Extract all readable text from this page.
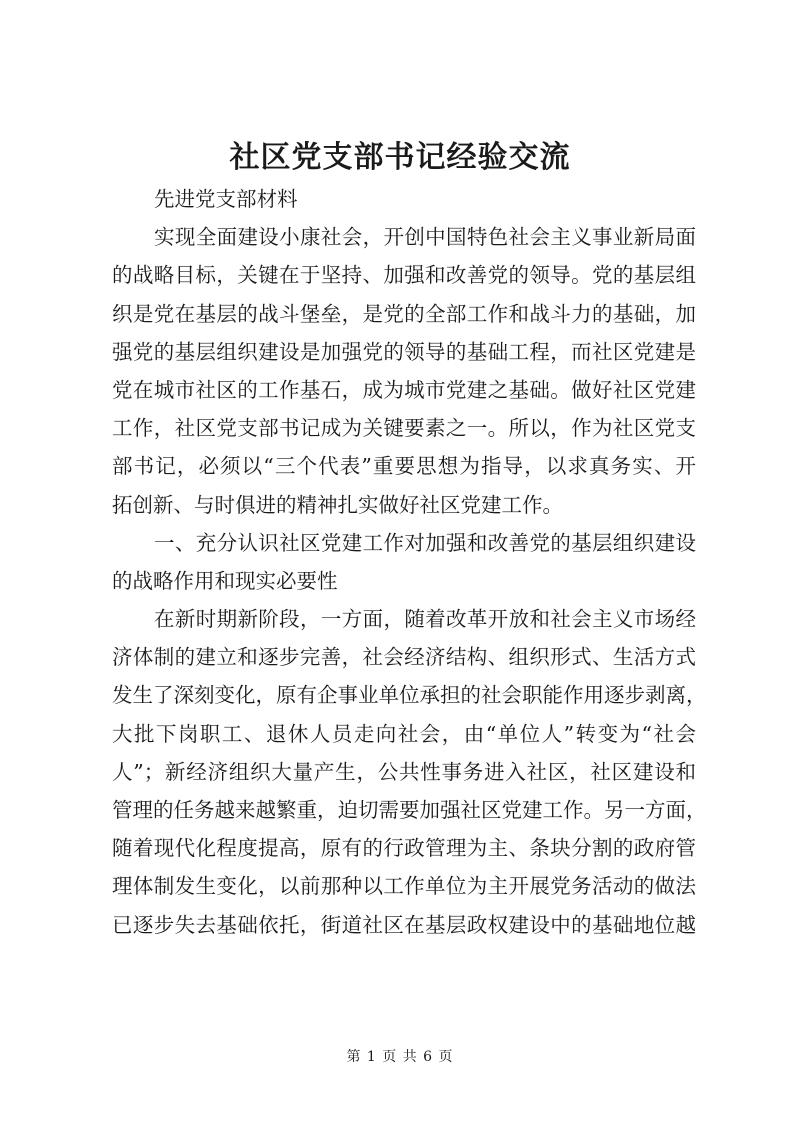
社区党支部书记经验交流
先进党支部材料
实现全面建设小康社会，开创中国特色社会主义事业新局面
的战略目标，关键在于坚持、加强和改善党的领导。党的基层组
织是党在基层的战斗堡垒，是党的全部工作和战斗力的基础，加
强党的基层组织建设是加强党的领导的基础工程，而社区党建是
党在城市社区的工作基石，成为城市党建之基础。做好社区党建
工作，社区党支部书记成为关键要素之一。所以，作为社区党支
部书记，必须以“三个代表”重要思想为指导，以求真务实、开
拓创新、与时俱进的精神扎实做好社区党建工作。
一、充分认识社区党建工作对加强和改善党的基层组织建设
的战略作用和现实必要性
在新时期新阶段，一方面，随着改革开放和社会主义市场经
济体制的建立和逐步完善，社会经济结构、组织形式、生活方式
发生了深刻变化，原有企事业单位承担的社会职能作用逐步剥离，
大批下岗职工、退休人员走向社会，由“单位人”转变为“社会
人”；新经济组织大量产生，公共性事务进入社区，社区建设和
管理的任务越来越繁重，迫切需要加强社区党建工作。另一方面，
随着现代化程度提高，原有的行政管理为主、条块分割的政府管
理体制发生变化，以前那种以工作单位为主开展党务活动的做法
已逐步失去基础依托，街道社区在基层政权建设中的基础地位越
第 1 页 共 6 页
